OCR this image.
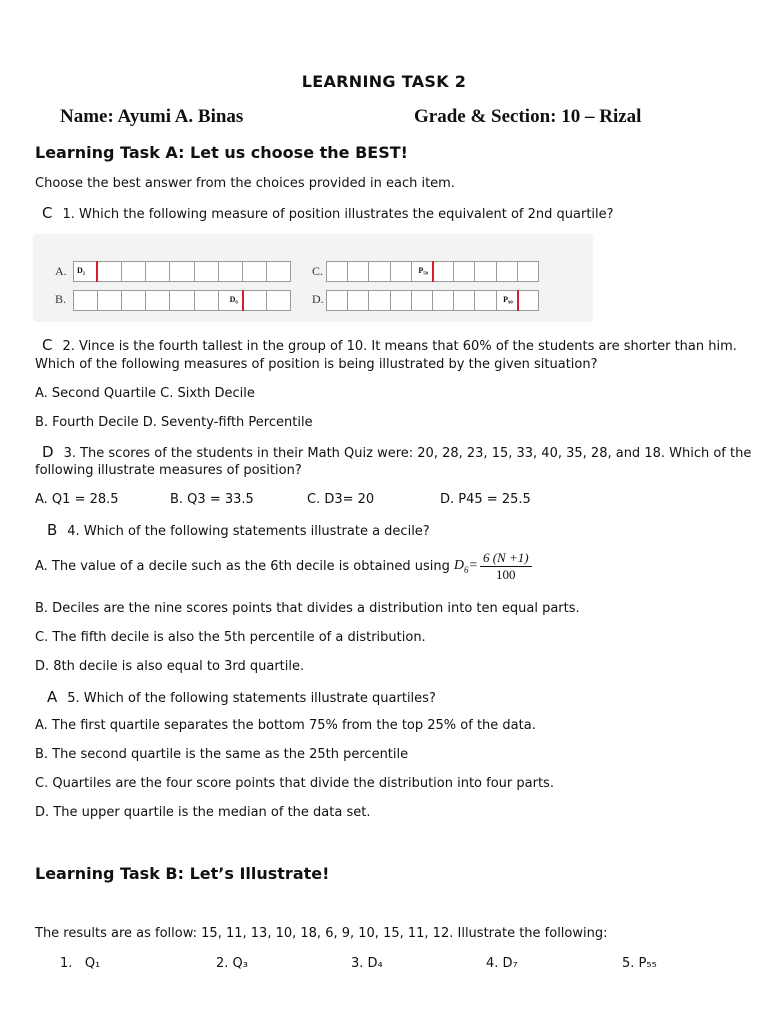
LEARNING TASK 2
Name: Ayumi A. Binas	Grade & Section: 10 – Rizal
Learning Task A: Let us choose the BEST!
Choose the best answer from the choices provided in each item.
C 1. Which the following measure of position illustrates the equivalent of 2nd quartile?
A. D₂
B.	D₈
C.	P₅₀
D.	P₉₀
C 2. Vince is the fourth tallest in the group of 10. It means that 60% of the students are shorter than him.
Which of the following measures of position is being illustrated by the given situation?
A. Second Quartile C. Sixth Decile
B. Fourth Decile D. Seventy-fifth Percentile
D 3. The scores of the students in their Math Quiz were: 20, 28, 23, 15, 33, 40, 35, 28, and 18. Which of the
following illustrate measures of position?
A. Q1 = 28.5	B. Q3 = 33.5	C. D3= 20	D. P45 = 25.5
B 4. Which of the following statements illustrate a decile?
A. The value of a decile such as the 6th decile is obtained using $D_6= \frac{6 (N +1)}{100}$
B. Deciles are the nine scores points that divides a distribution into ten equal parts.
C. The fifth decile is also the 5th percentile of a distribution.
D. 8th decile is also equal to 3rd quartile.
A 5. Which of the following statements illustrate quartiles?
A. The first quartile separates the bottom 75% from the top 25% of the data.
B. The second quartile is the same as the 25th percentile
C. Quartiles are the four score points that divide the distribution into four parts.
D. The upper quartile is the median of the data set.
Learning Task B: Let’s Illustrate!
The results are as follow: 15, 11, 13, 10, 18, 6, 9, 10, 15, 11, 12. Illustrate the following:
1. Q₁	2. Q₃	3. D₄	4. D₇	5. P₅₅
